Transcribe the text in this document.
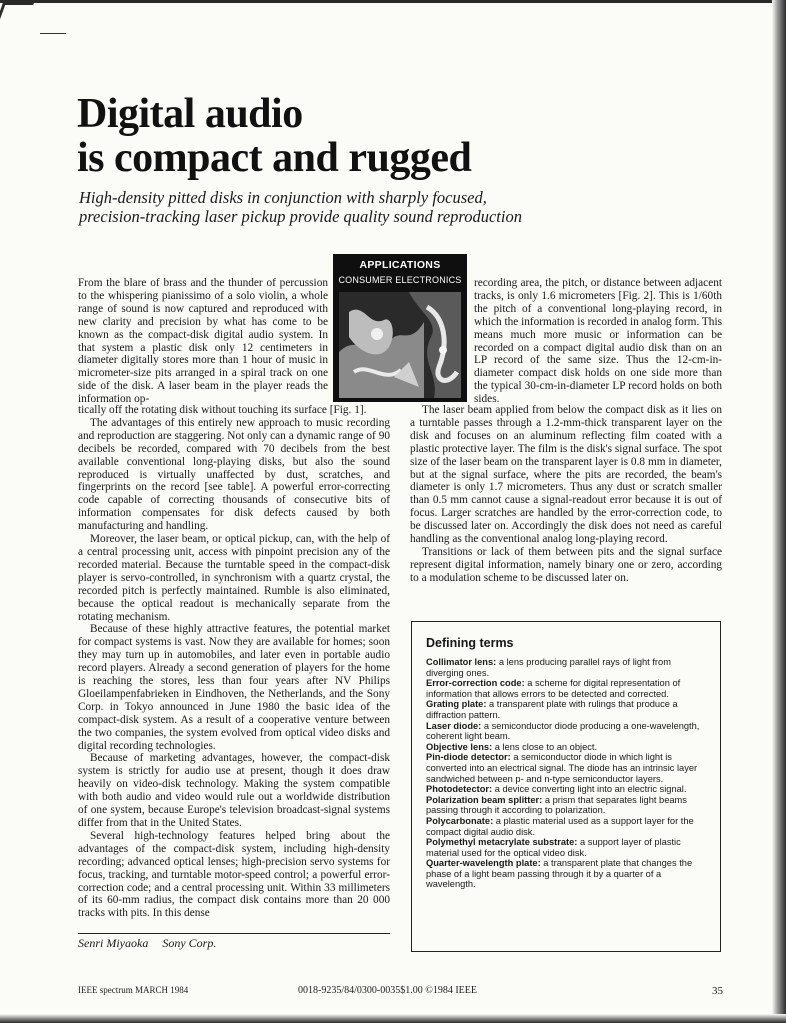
Digital audio
is compact and rugged
High-density pitted disks in conjunction with sharply focused,
precision-tracking laser pickup provide quality sound reproduction
APPLICATIONS
CONSUMER ELECTRONICS

From the blare of brass and the thunder of percussion to the whispering pianissimo of a solo violin, a whole range of sound is now captured and reproduced with new clarity and precision by what has come to be known as the compact-disk digital audio system. In that system a plastic disk only 12 centimeters in diameter digitally stores more than 1 hour of music in micrometer-size pits arranged in a spiral track on one side of the disk. A laser beam in the player reads the information op-

tically off the rotating disk without touching its surface [Fig. 1].

The advantages of this entirely new approach to music recording and reproduction are staggering. Not only can a dynamic range of 90 decibels be recorded, compared with 70 decibels from the best available conventional long-playing disks, but also the sound reproduced is virtually unaffected by dust, scratches, and fingerprints on the record [see table]. A powerful error-correcting code capable of correcting thousands of consecutive bits of information compensates for disk defects caused by both manufacturing and handling.

Moreover, the laser beam, or optical pickup, can, with the help of a central processing unit, access with pinpoint precision any of the recorded material. Because the turntable speed in the compact-disk player is servo-controlled, in synchronism with a quartz crystal, the recorded pitch is perfectly maintained. Rumble is also eliminated, because the optical readout is mechanically separate from the rotating mechanism.

Because of these highly attractive features, the potential market for compact systems is vast. Now they are available for homes; soon they may turn up in automobiles, and later even in portable audio record players. Already a second generation of players for the home is reaching the stores, less than four years after NV Philips Gloeilampenfabrieken in Eindhoven, the Netherlands, and the Sony Corp. in Tokyo announced in June 1980 the basic idea of the compact-disk system. As a result of a cooperative venture between the two companies, the system evolved from optical video disks and digital recording technologies.

Because of marketing advantages, however, the compact-disk system is strictly for audio use at present, though it does draw heavily on video-disk technology. Making the system compatible with both audio and video would rule out a worldwide distribution of one system, because Europe's television broadcast-signal systems differ from that in the United States.

Several high-technology features helped bring about the advantages of the compact-disk system, including high-density recording; advanced optical lenses; high-precision servo systems for focus, tracking, and turntable motor-speed control; a powerful error-correction code; and a central processing unit. Within 33 millimeters of its 60-mm radius, the compact disk contains more than 20 000 tracks with pits. In this dense

recording area, the pitch, or distance between adjacent tracks, is only 1.6 micrometers [Fig. 2]. This is 1/60th the pitch of a conventional long-playing record, in which the information is recorded in analog form. This means much more music or information can be recorded on a compact digital audio disk than on an LP record of the same size. Thus the 12-cm-in-diameter compact disk holds on one side more than the typical 30-cm-in-diameter LP record holds on both sides.

The laser beam applied from below the compact disk as it lies on a turntable passes through a 1.2-mm-thick transparent layer on the disk and focuses on an aluminum reflecting film coated with a plastic protective layer. The film is the disk's signal surface. The spot size of the laser beam on the transparent layer is 0.8 mm in diameter, but at the signal surface, where the pits are recorded, the beam's diameter is only 1.7 micrometers. Thus any dust or scratch smaller than 0.5 mm cannot cause a signal-readout error because it is out of focus. Larger scratches are handled by the error-correction code, to be discussed later on. Accordingly the disk does not need as careful handling as the conventional analog long-playing record.

Transitions or lack of them between pits and the signal surface represent digital information, namely binary one or zero, according to a modulation scheme to be discussed later on.

Senri Miyaoka Sony Corp.
Defining terms

Collimator lens: a lens producing parallel rays of light from diverging ones.

Error-correction code: a scheme for digital representation of information that allows errors to be detected and corrected.

Grating plate: a transparent plate with rulings that produce a diffraction pattern.

Laser diode: a semiconductor diode producing a one-wavelength, coherent light beam.

Objective lens: a lens close to an object.

Pin-diode detector: a semiconductor diode in which light is converted into an electrical signal. The diode has an intrinsic layer sandwiched between p- and n-type semiconductor layers.

Photodetector: a device converting light into an electric signal.

Polarization beam splitter: a prism that separates light beams passing through it according to polarization.

Polycarbonate: a plastic material used as a support layer for the compact digital audio disk.

Polymethyl metacrylate substrate: a support layer of plastic material used for the optical video disk.

Quarter-wavelength plate: a transparent plate that changes the phase of a light beam passing through it by a quarter of a wavelength.

IEEE spectrum MARCH 1984	0018-9235/84/0300-0035$1.00 ©1984 IEEE	35
